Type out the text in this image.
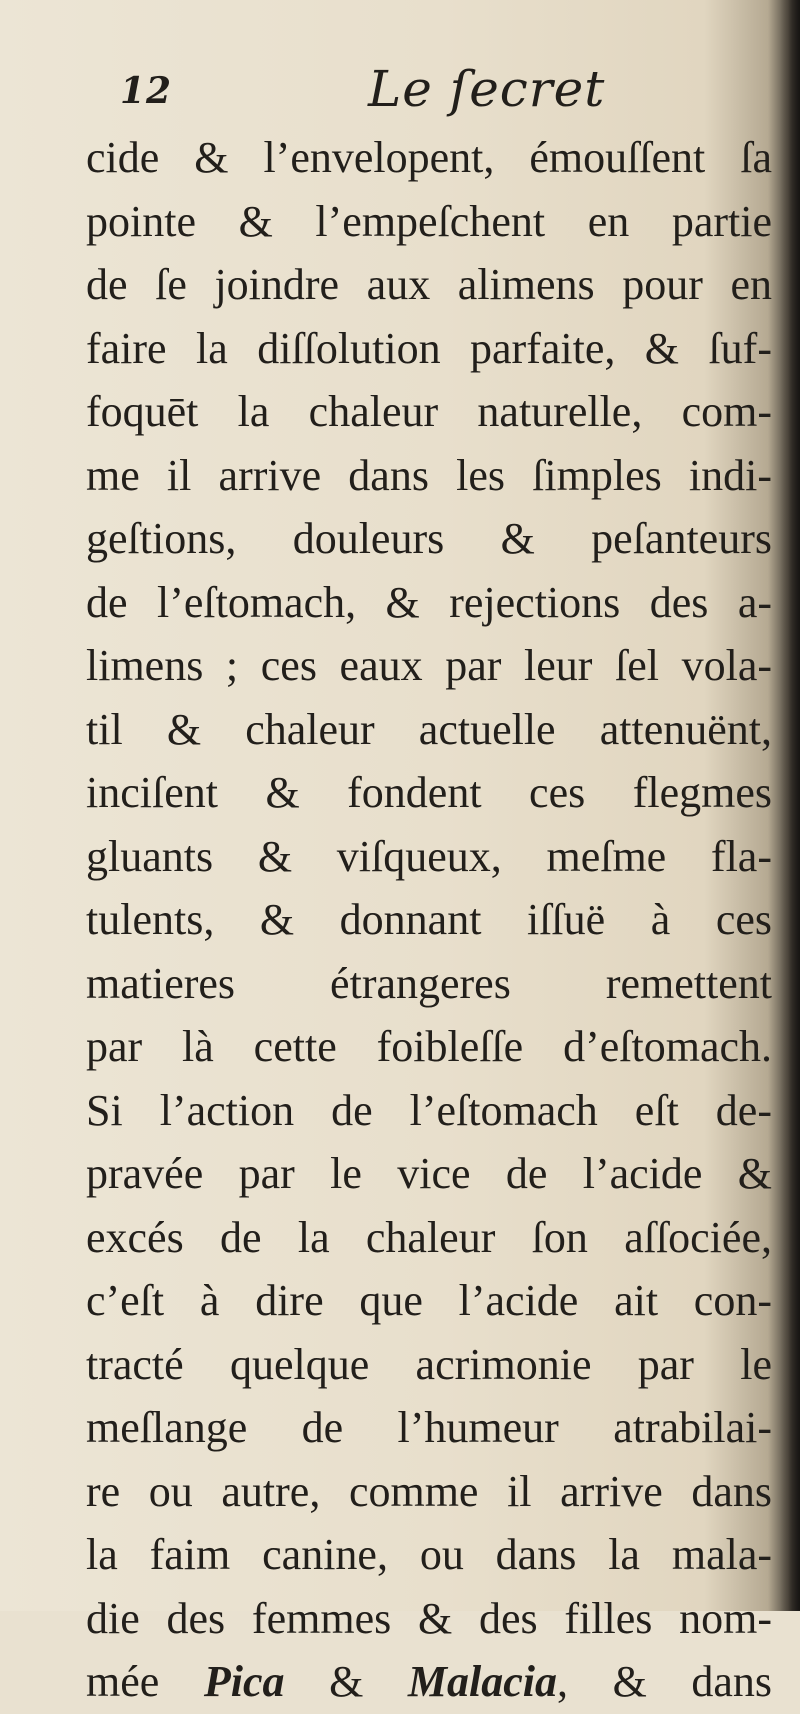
12	Le ſecret
cide & l’envelopent, émouſſent ſa
pointe & l’empeſchent en partie
de ſe joindre aux alimens pour en
faire la diſſolution parfaite, & ſuf-
foquēt la chaleur naturelle, com-
me il arrive dans les ſimples indi-
geſtions, douleurs & peſanteurs
de l’eſtomach, & rejections des a-
limens ; ces eaux par leur ſel vola-
til & chaleur actuelle attenuënt,
inciſent & fondent ces flegmes
gluants & viſqueux, meſme fla-
tulents, & donnant iſſuë à ces
matieres étrangeres remettent
par là cette foibleſſe d’eſtomach.
Si l’action de l’eſtomach eſt de-
pravée par le vice de l’acide &
excés de la chaleur ſon aſſociée,
c’eſt à dire que l’acide ait con-
tracté quelque acrimonie par le
meſlange de l’humeur atrabilai-
re ou autre, comme il arrive dans
la faim canine, ou dans la mala-
die des femmes & des filles nom-
mée Pica & Malacia, & dans
